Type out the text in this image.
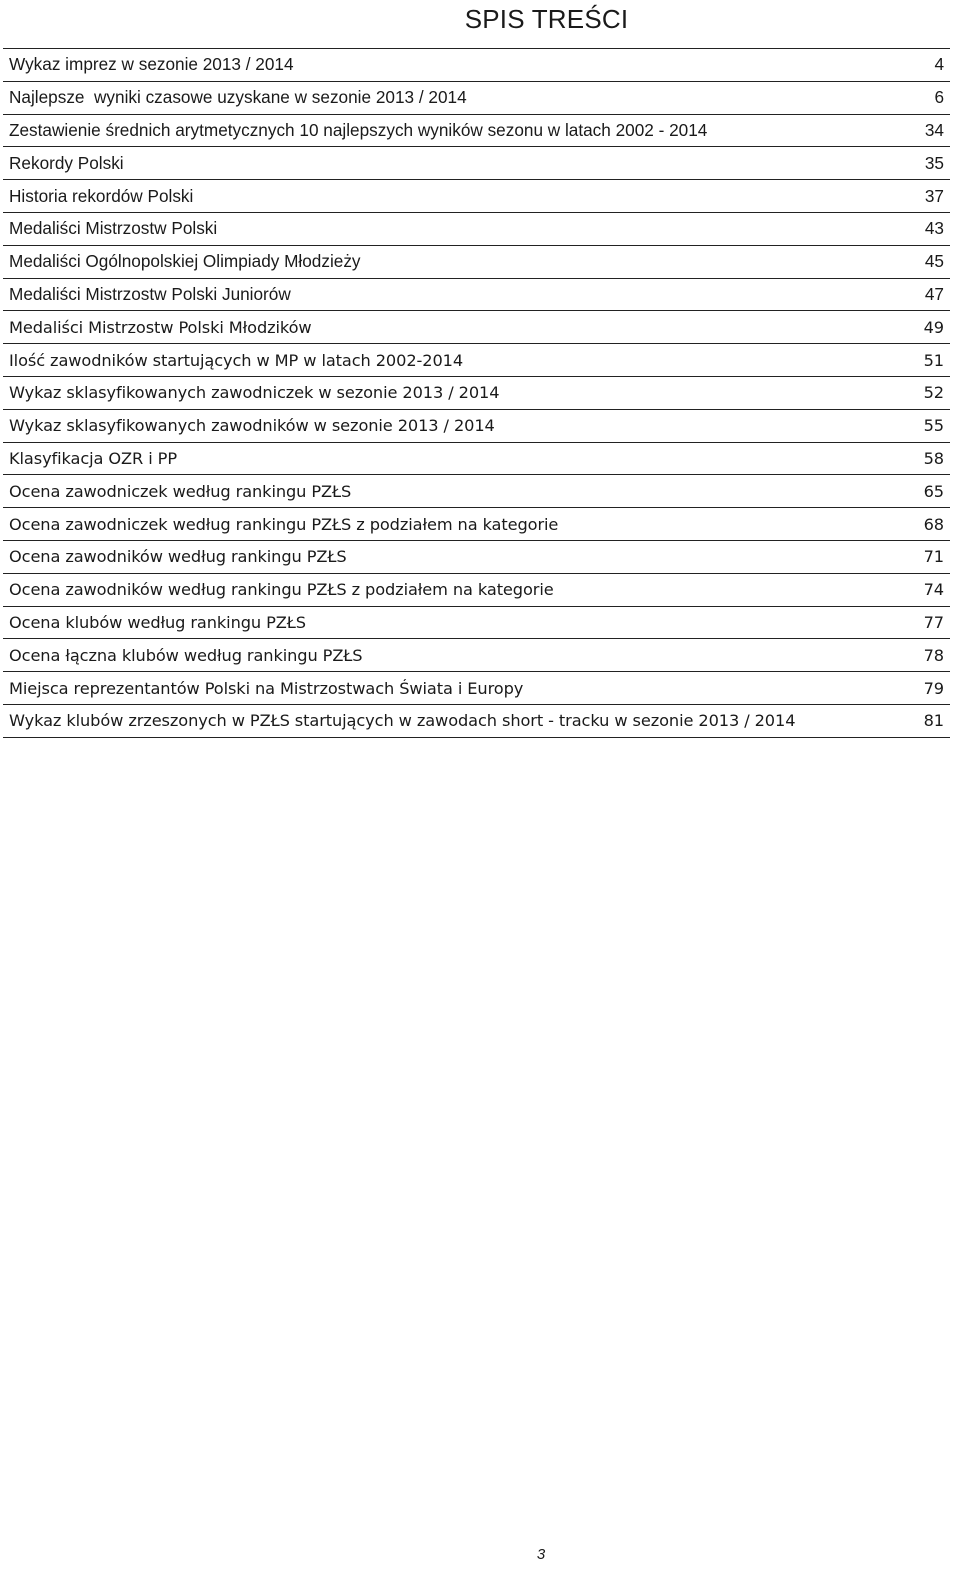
SPIS TREŚCI
Wykaz imprez w sezonie 2013 / 2014	4
Najlepsze  wyniki czasowe uzyskane w sezonie 2013 / 2014	6
Zestawienie średnich arytmetycznych 10 najlepszych wyników sezonu w latach 2002 - 2014	34
Rekordy Polski	35
Historia rekordów Polski	37
Medaliści Mistrzostw Polski	43
Medaliści Ogólnopolskiej Olimpiady Młodzieży	45
Medaliści Mistrzostw Polski Juniorów	47
Medaliści Mistrzostw Polski Młodzików	49
Ilość zawodników startujących w MP w latach 2002-2014	51
Wykaz sklasyfikowanych zawodniczek w sezonie 2013 / 2014	52
Wykaz sklasyfikowanych zawodników w sezonie 2013 / 2014	55
Klasyfikacja OZR i PP	58
Ocena zawodniczek według rankingu PZŁS	65
Ocena zawodniczek według rankingu PZŁS z podziałem na kategorie	68
Ocena zawodników według rankingu PZŁS	71
Ocena zawodników według rankingu PZŁS z podziałem na kategorie	74
Ocena klubów według rankingu PZŁS	77
Ocena łączna klubów według rankingu PZŁS	78
Miejsca reprezentantów Polski na Mistrzostwach Świata i Europy	79
Wykaz klubów zrzeszonych w PZŁS startujących w zawodach short - tracku w sezonie 2013 / 2014	81
3
